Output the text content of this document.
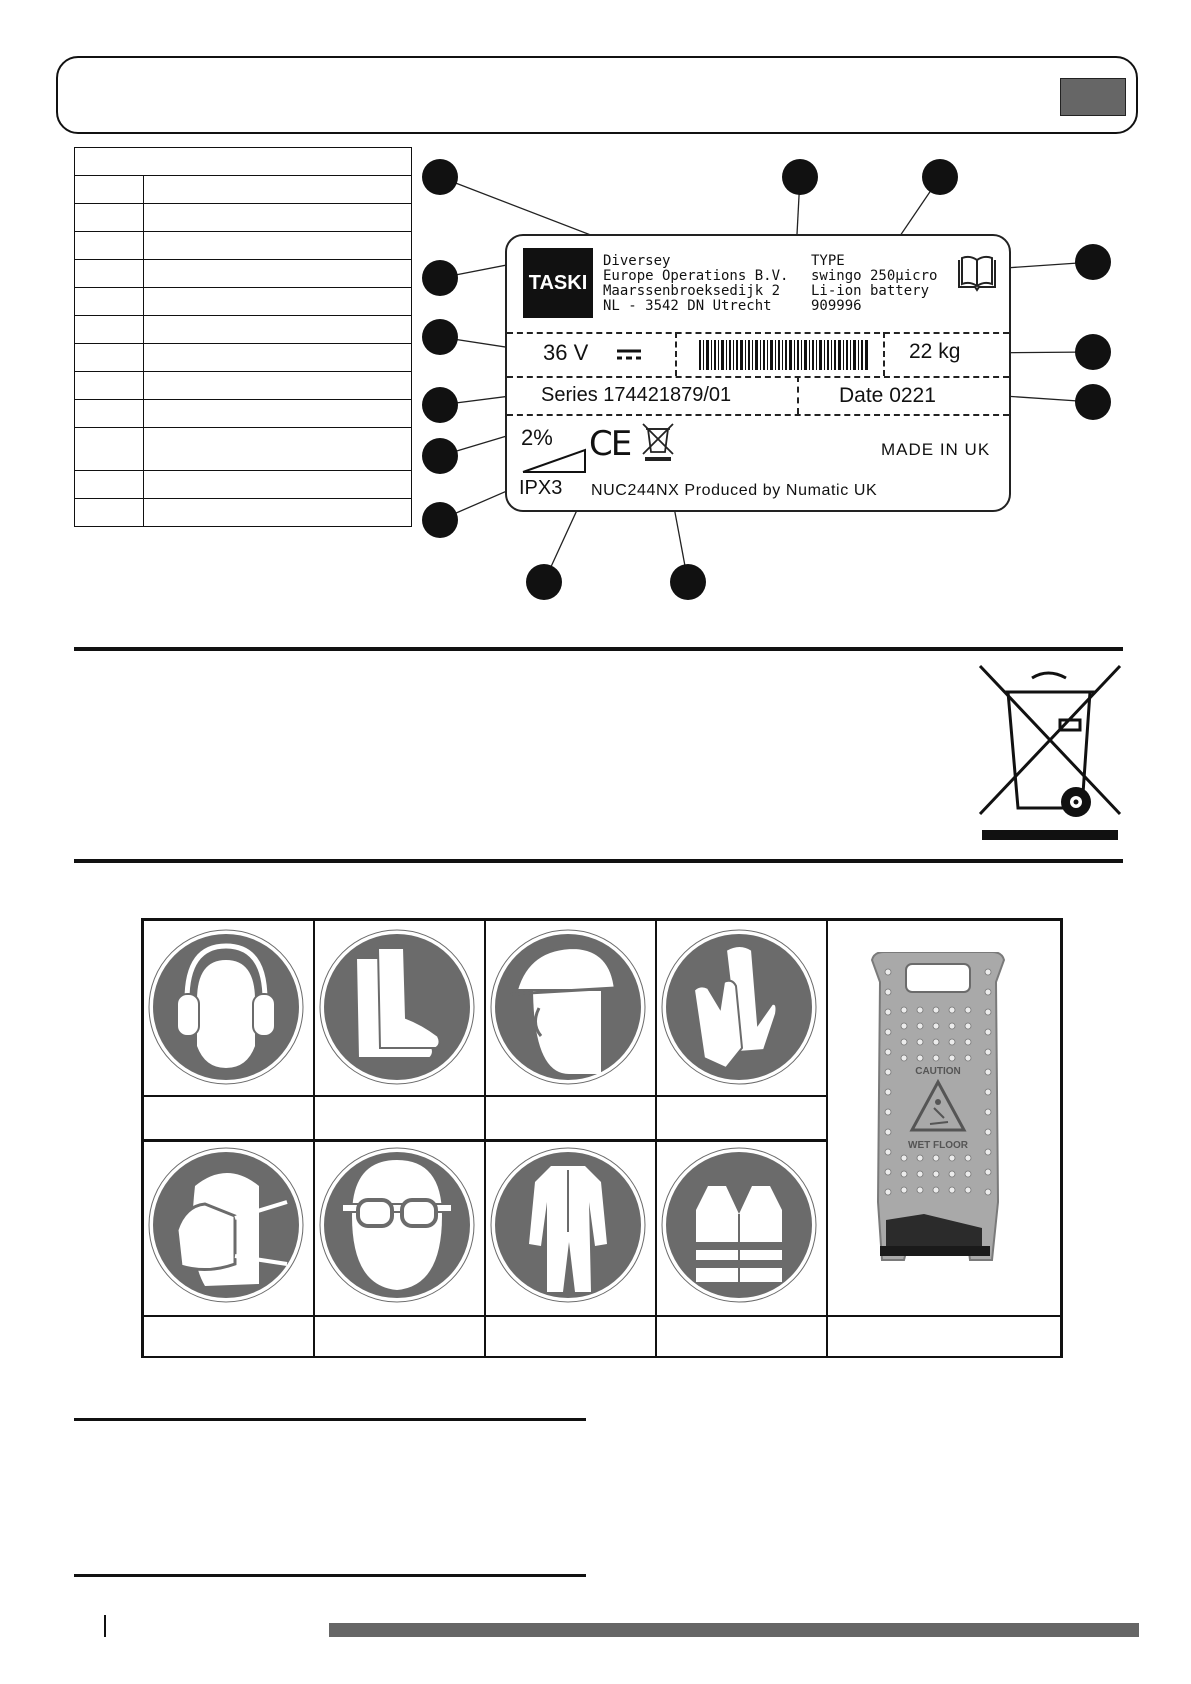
TASKI
Diversey
Europe Operations B.V.
Maarssenbroeksedijk 2
NL - 3542 DN Utrecht
TYPE
swingo 250μicro
Li-ion battery
909996
36 V	22 kg
Series 174421879/01	Date 0221
2% CE	MADE IN UK
IPX3 NUC244NX Produced by Numatic UK
CAUTION
WET FLOOR
